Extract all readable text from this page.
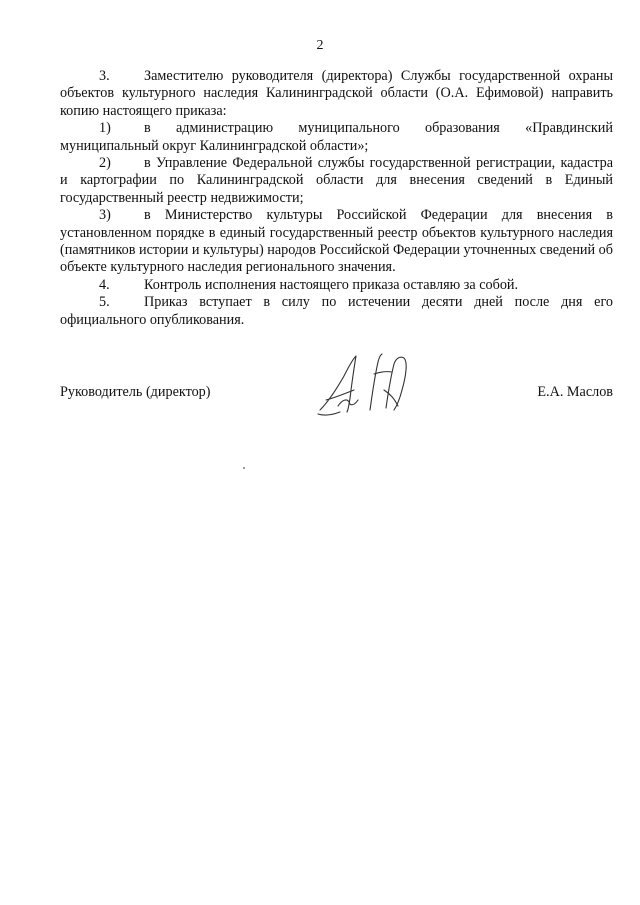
2

3. Заместителю руководителя (директора) Службы государственной охраны объектов культурного наследия Калининградской области (О.А. Ефимовой) направить копию настоящего приказа:

1) в администрацию муниципального образования «Правдинский муниципальный округ Калининградской области»;

2) в Управление Федеральной службы государственной регистрации, кадастра и картографии по Калининградской области для внесения сведений в Единый государственный реестр недвижимости;

3) в Министерство культуры Российской Федерации для внесения в установленном порядке в единый государственный реестр объектов культурного наследия (памятников истории и культуры) народов Российской Федерации уточненных сведений об объекте культурного наследия регионального значения.

4. Контроль исполнения настоящего приказа оставляю за собой.

5. Приказ вступает в силу по истечении десяти дней после дня его официального опубликования.

Руководитель (директор)	Е.А. Маслов
